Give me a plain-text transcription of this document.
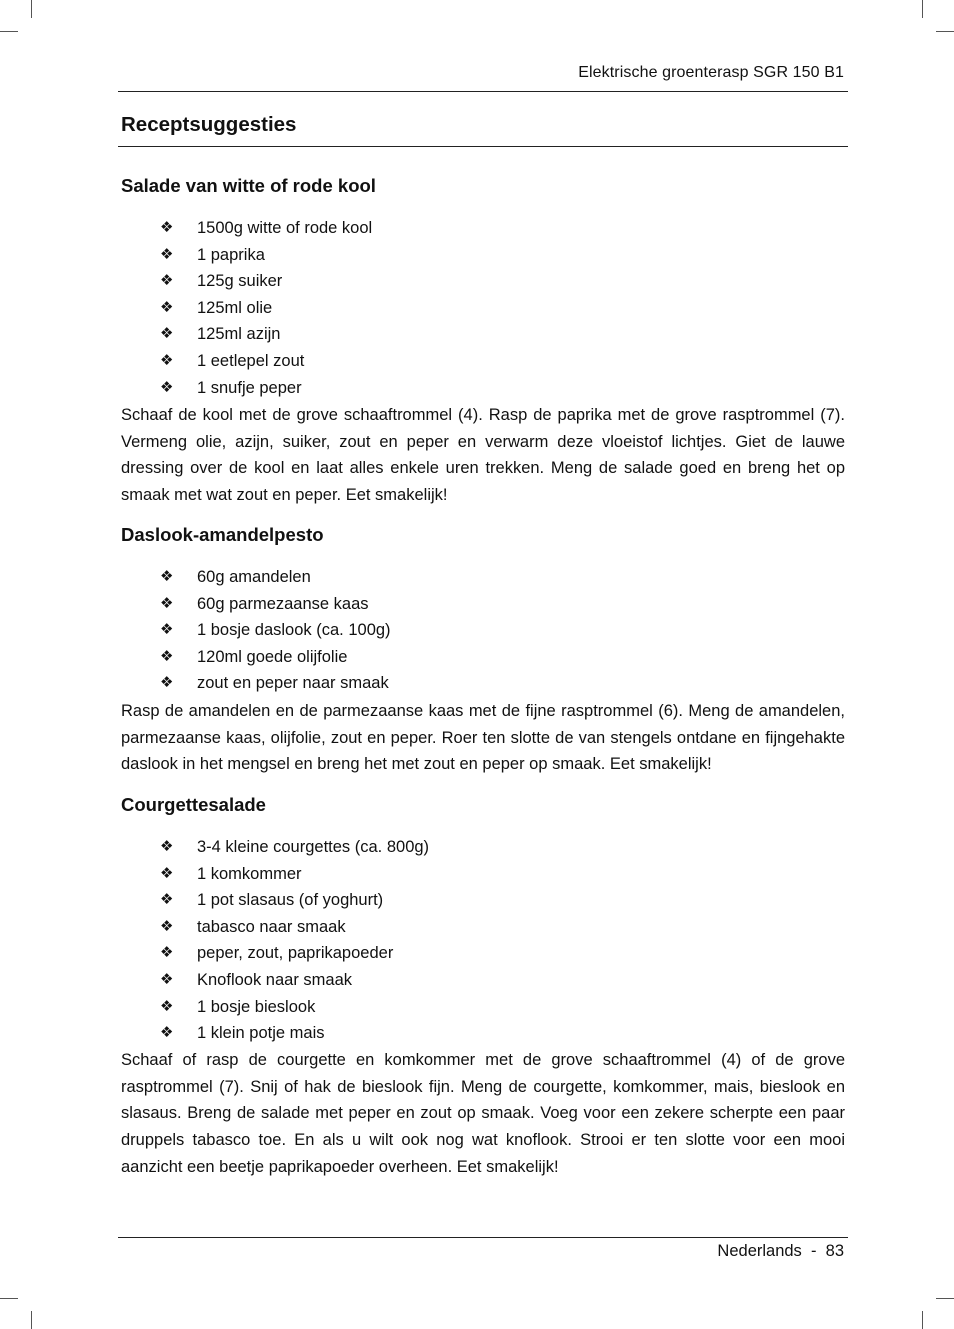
Elektrische groenterasp SGR 150 B1
Receptsuggesties
Salade van witte of rode kool
❖	1500g witte of rode kool
❖	1 paprika
❖	125g suiker
❖	125ml olie
❖	125ml azijn
❖	1 eetlepel zout
❖	1 snufje peper

Schaaf de kool met de grove schaaftrommel (4). Rasp de paprika met de grove rasptrommel (7). Vermeng olie, azijn, suiker, zout en peper en verwarm deze vloeistof lichtjes. Giet de lauwe dressing over de kool en laat alles enkele uren trekken. Meng de salade goed en breng het op smaak met wat zout en peper. Eet smakelijk!

Daslook-amandelpesto
❖	60g amandelen
❖	60g parmezaanse kaas
❖	1 bosje daslook (ca. 100g)
❖	120ml goede olijfolie
❖	zout en peper naar smaak

Rasp de amandelen en de parmezaanse kaas met de fijne rasptrommel (6). Meng de amandelen, parmezaanse kaas, olijfolie, zout en peper. Roer ten slotte de van stengels ontdane en fijngehakte daslook in het mengsel en breng het met zout en peper op smaak. Eet smakelijk!

Courgettesalade
❖	3-4 kleine courgettes (ca. 800g)
❖	1 komkommer
❖	1 pot slasaus (of yoghurt)
❖	tabasco naar smaak
❖	peper, zout, paprikapoeder
❖	Knoflook naar smaak
❖	1 bosje bieslook
❖	1 klein potje mais

Schaaf of rasp de courgette en komkommer met de grove schaaftrommel (4) of de grove rasptrommel (7). Snij of hak de bieslook fijn. Meng de courgette, komkommer, mais, bieslook en slasaus. Breng de salade met peper en zout op smaak. Voeg voor een zekere scherpte een paar druppels tabasco toe. En als u wilt ook nog wat knoflook. Strooi er ten slotte voor een mooi aanzicht een beetje paprikapoeder overheen. Eet smakelijk!

Nederlands  -  83
